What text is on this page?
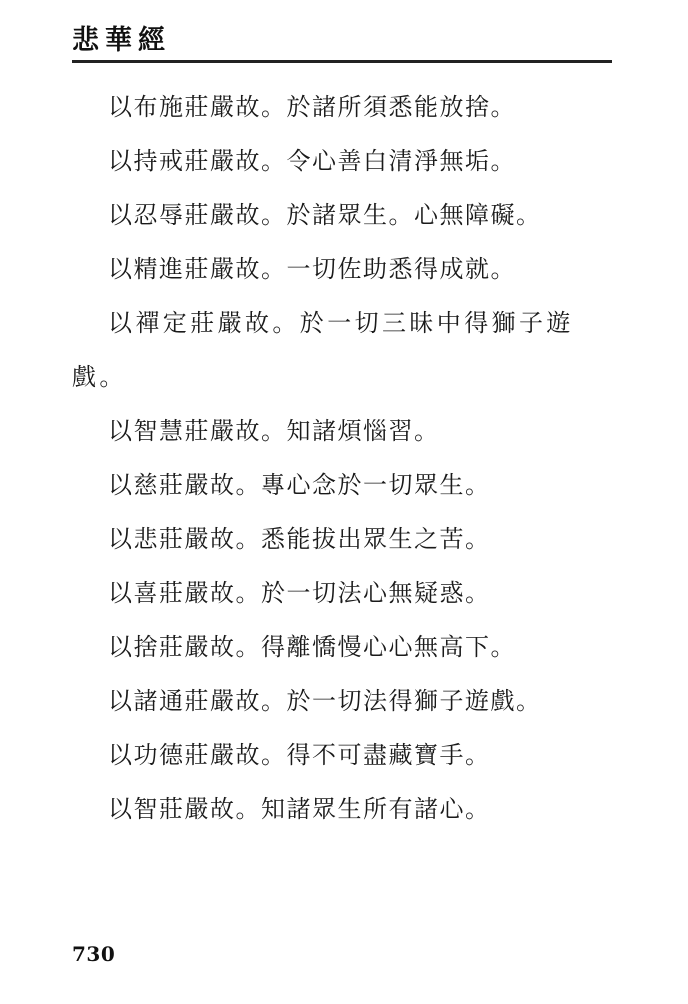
悲華經

以布施莊嚴故。於諸所須悉能放捨。

以持戒莊嚴故。令心善白清淨無垢。

以忍辱莊嚴故。於諸眾生。心無障礙。

以精進莊嚴故。一切佐助悉得成就。

以禪定莊嚴故。於一切三昧中得獅子遊戲。

以智慧莊嚴故。知諸煩惱習。

以慈莊嚴故。專心念於一切眾生。

以悲莊嚴故。悉能拔出眾生之苦。

以喜莊嚴故。於一切法心無疑惑。

以捨莊嚴故。得離憍慢心心無高下。

以諸通莊嚴故。於一切法得獅子遊戲。

以功德莊嚴故。得不可盡藏寶手。

以智莊嚴故。知諸眾生所有諸心。

730
